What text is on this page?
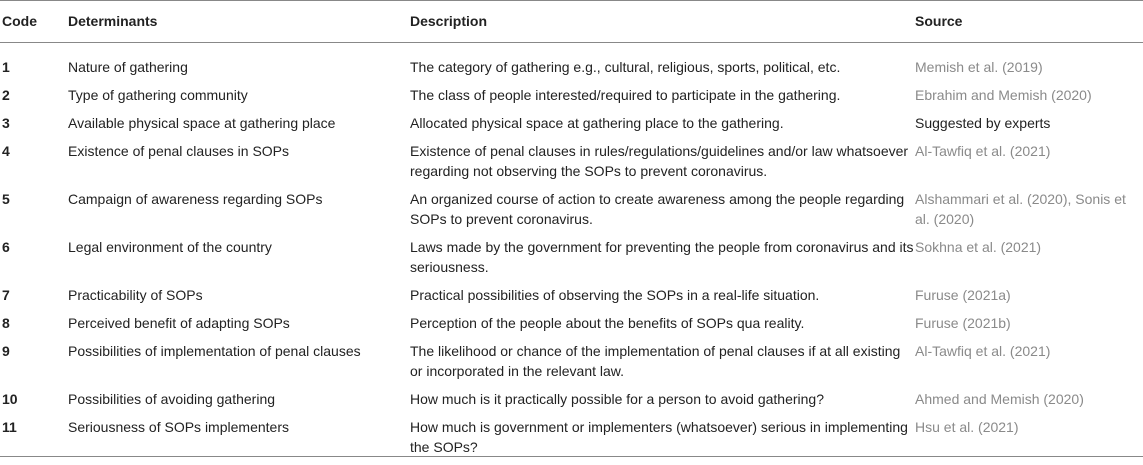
Code	Determinants	Description	Source
1	Nature of gathering	The category of gathering e.g., cultural, religious, sports, political, etc.	Memish et al. (2019)
2	Type of gathering community	The class of people interested/required to participate in the gathering.	Ebrahim and Memish (2020)
3	Available physical space at gathering place	Allocated physical space at gathering place to the gathering.	Suggested by experts
4	Existence of penal clauses in SOPs	Existence of penal clauses in rules/regulations/guidelines and/or law whatsoever regarding not observing the SOPs to prevent coronavirus.	Al-Tawfiq et al. (2021)
5	Campaign of awareness regarding SOPs	An organized course of action to create awareness among the people regarding SOPs to prevent coronavirus.	Alshammari et al. (2020), Sonis et al. (2020)
6	Legal environment of the country	Laws made by the government for preventing the people from coronavirus and its seriousness.	Sokhna et al. (2021)
7	Practicability of SOPs	Practical possibilities of observing the SOPs in a real-life situation.	Furuse (2021a)
8	Perceived benefit of adapting SOPs	Perception of the people about the benefits of SOPs qua reality.	Furuse (2021b)
9	Possibilities of implementation of penal clauses	The likelihood or chance of the implementation of penal clauses if at all existing or incorporated in the relevant law.	Al-Tawfiq et al. (2021)
10	Possibilities of avoiding gathering	How much is it practically possible for a person to avoid gathering?	Ahmed and Memish (2020)
11	Seriousness of SOPs implementers	How much is government or implementers (whatsoever) serious in implementing the SOPs?	Hsu et al. (2021)
